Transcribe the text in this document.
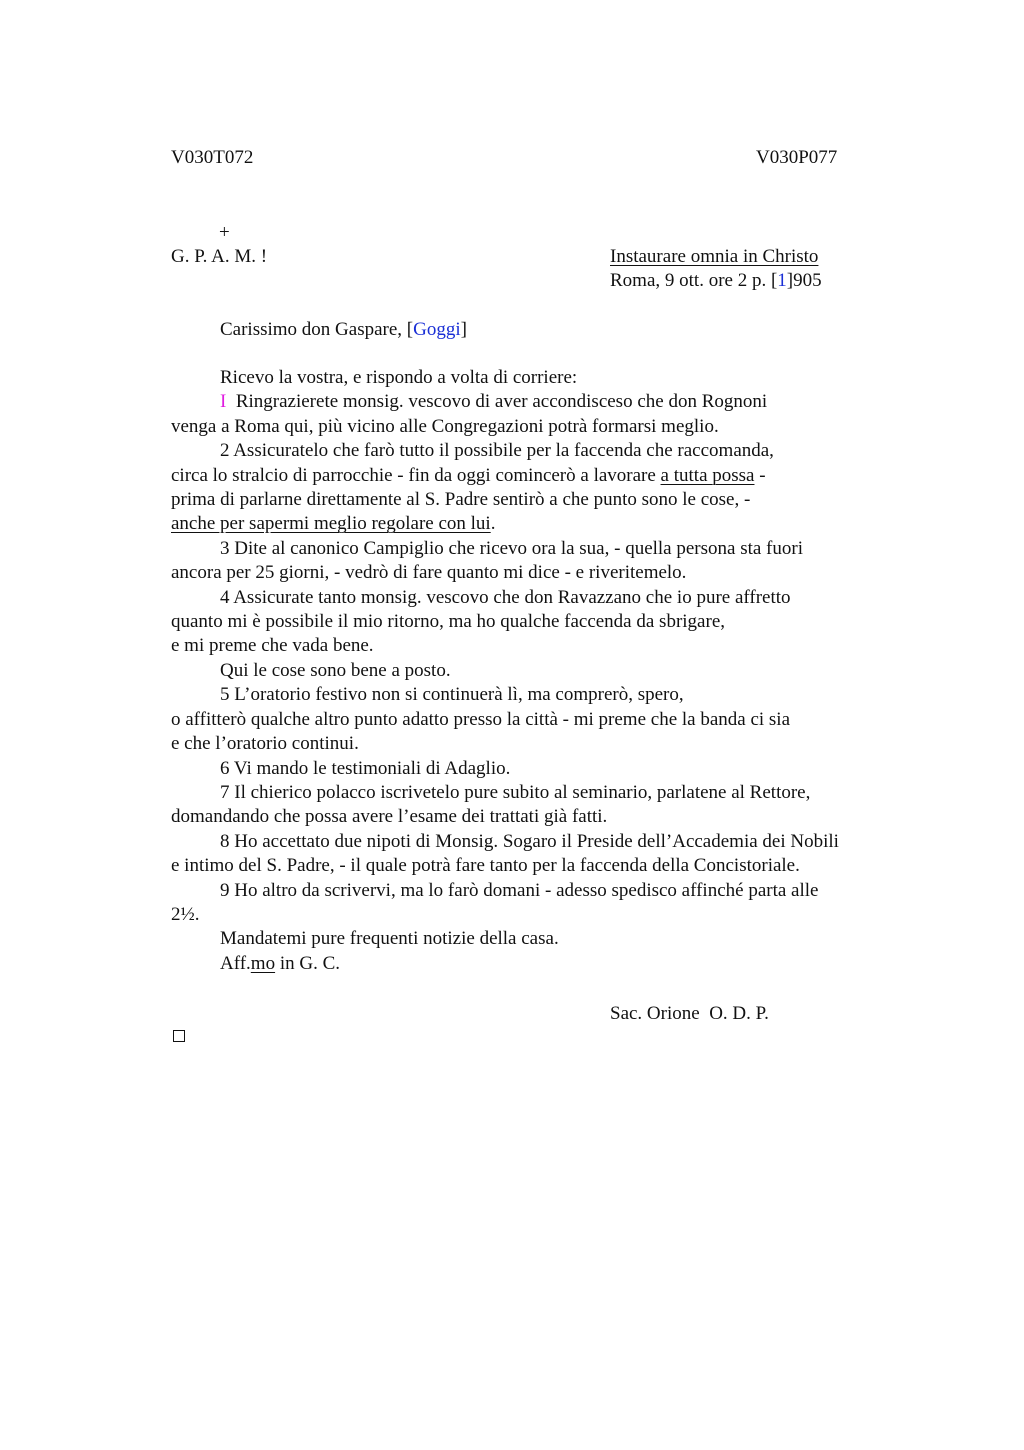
V030T072	V030P077
+
G. P. A. M. !	Instaurare omnia in Christo
Roma, 9 ott. ore 2 p. [1]905
Carissimo don Gaspare, [Goggi]
Ricevo la vostra, e rispondo a volta di corriere:
I  Ringrazierete monsig. vescovo di aver accondisceso che don Rognoni
venga a Roma qui, più vicino alle Congregazioni potrà formarsi meglio.
2 Assicuratelo che farò tutto il possibile per la faccenda che raccomanda,
circa lo stralcio di parrocchie - fin da oggi comincerò a lavorare a tutta possa -
prima di parlarne direttamente al S. Padre sentirò a che punto sono le cose, -
anche per sapermi meglio regolare con lui.
3 Dite al canonico Campiglio che ricevo ora la sua, - quella persona sta fuori
ancora per 25 giorni, - vedrò di fare quanto mi dice - e riveritemelo.
4 Assicurate tanto monsig. vescovo che don Ravazzano che io pure affretto
quanto mi è possibile il mio ritorno, ma ho qualche faccenda da sbrigare,
e mi preme che vada bene.
Qui le cose sono bene a posto.
5 L’oratorio festivo non si continuerà lì, ma comprerò, spero,
o affitterò qualche altro punto adatto presso la città - mi preme che la banda ci sia
e che l’oratorio continui.
6 Vi mando le testimoniali di Adaglio.
7 Il chierico polacco iscrivetelo pure subito al seminario, parlatene al Rettore,
domandando che possa avere l’esame dei trattati già fatti.
8 Ho accettato due nipoti di Monsig. Sogaro il Preside dell’Accademia dei Nobili
e intimo del S. Padre, - il quale potrà fare tanto per la faccenda della Concistoriale.
9 Ho altro da scrivervi, ma lo farò domani - adesso spedisco affinché parta alle
2½.
Mandatemi pure frequenti notizie della casa.
Aff.mo in G. C.
Sac. Orione  O. D. P.
